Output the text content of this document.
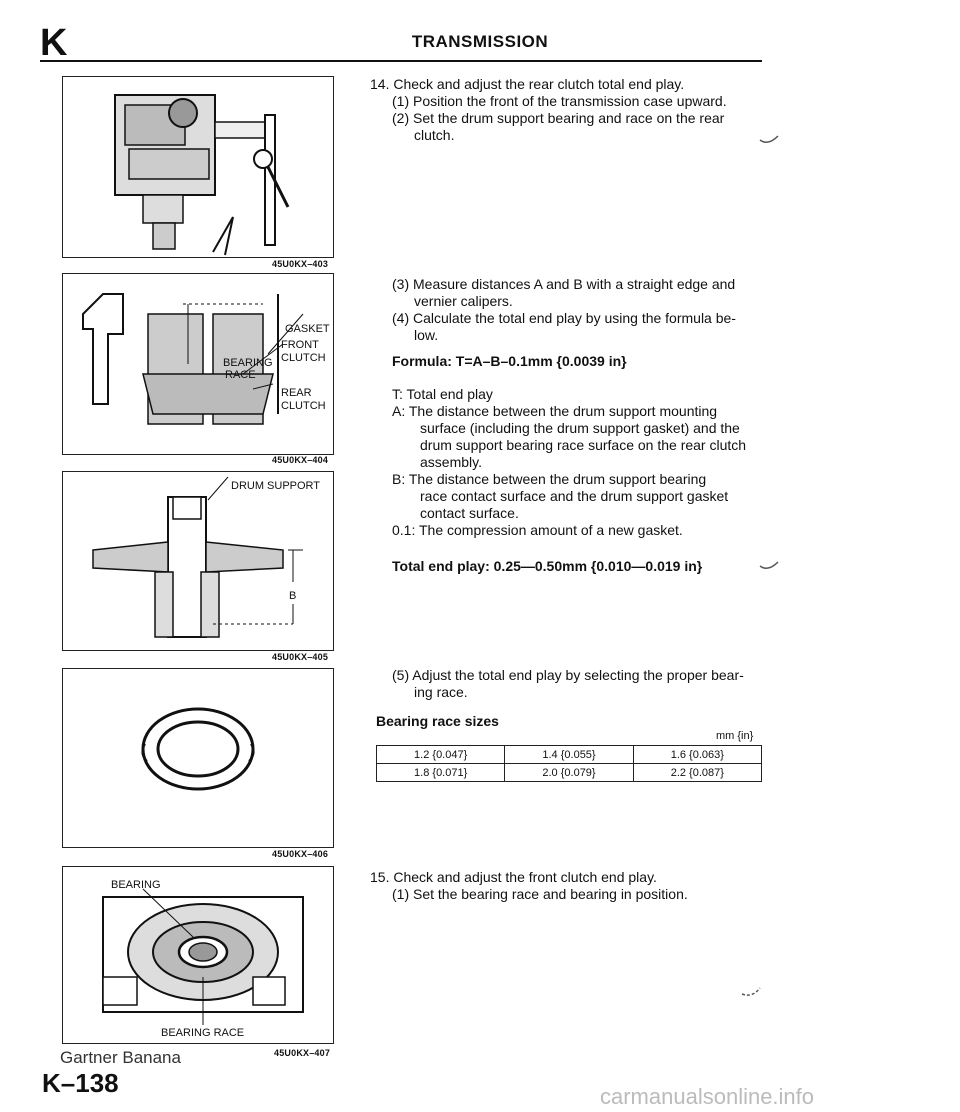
K	TRANSMISSION
45U0KX–403
GASKET
FRONT
CLUTCH
BEARING
RACE
REAR
CLUTCH
45U0KX–404
DRUM SUPPORT
B
45U0KX–405
45U0KX–406
BEARING
BEARING RACE
45U0KX–407
14. Check and adjust the rear clutch total end play.
(1) Position the front of the transmission case upward.
(2) Set the drum support bearing and race on the rear
clutch.
(3) Measure distances A and B with a straight edge and
vernier calipers.
(4) Calculate the total end play by using the formula be-
low.
Formula: T=A–B–0.1mm {0.0039 in}
T: Total end play
A: The distance between the drum support mounting
surface (including the drum support gasket) and the
drum support bearing race surface on the rear clutch
assembly.
B: The distance between the drum support bearing
race contact surface and the drum support gasket
contact surface.
0.1: The compression amount of a new gasket.
Total end play: 0.25—0.50mm {0.010—0.019 in}
(5) Adjust the total end play by selecting the proper bear-
ing race.
Bearing race sizes
mm {in}
1.2 {0.047}	1.4 {0.055}	1.6 {0.063}
1.8 {0.071}	2.0 {0.079}	2.2 {0.087}
15. Check and adjust the front clutch end play.
(1) Set the bearing race and bearing in position.
Gartner Banana
K–138	carmanualsonline.info
